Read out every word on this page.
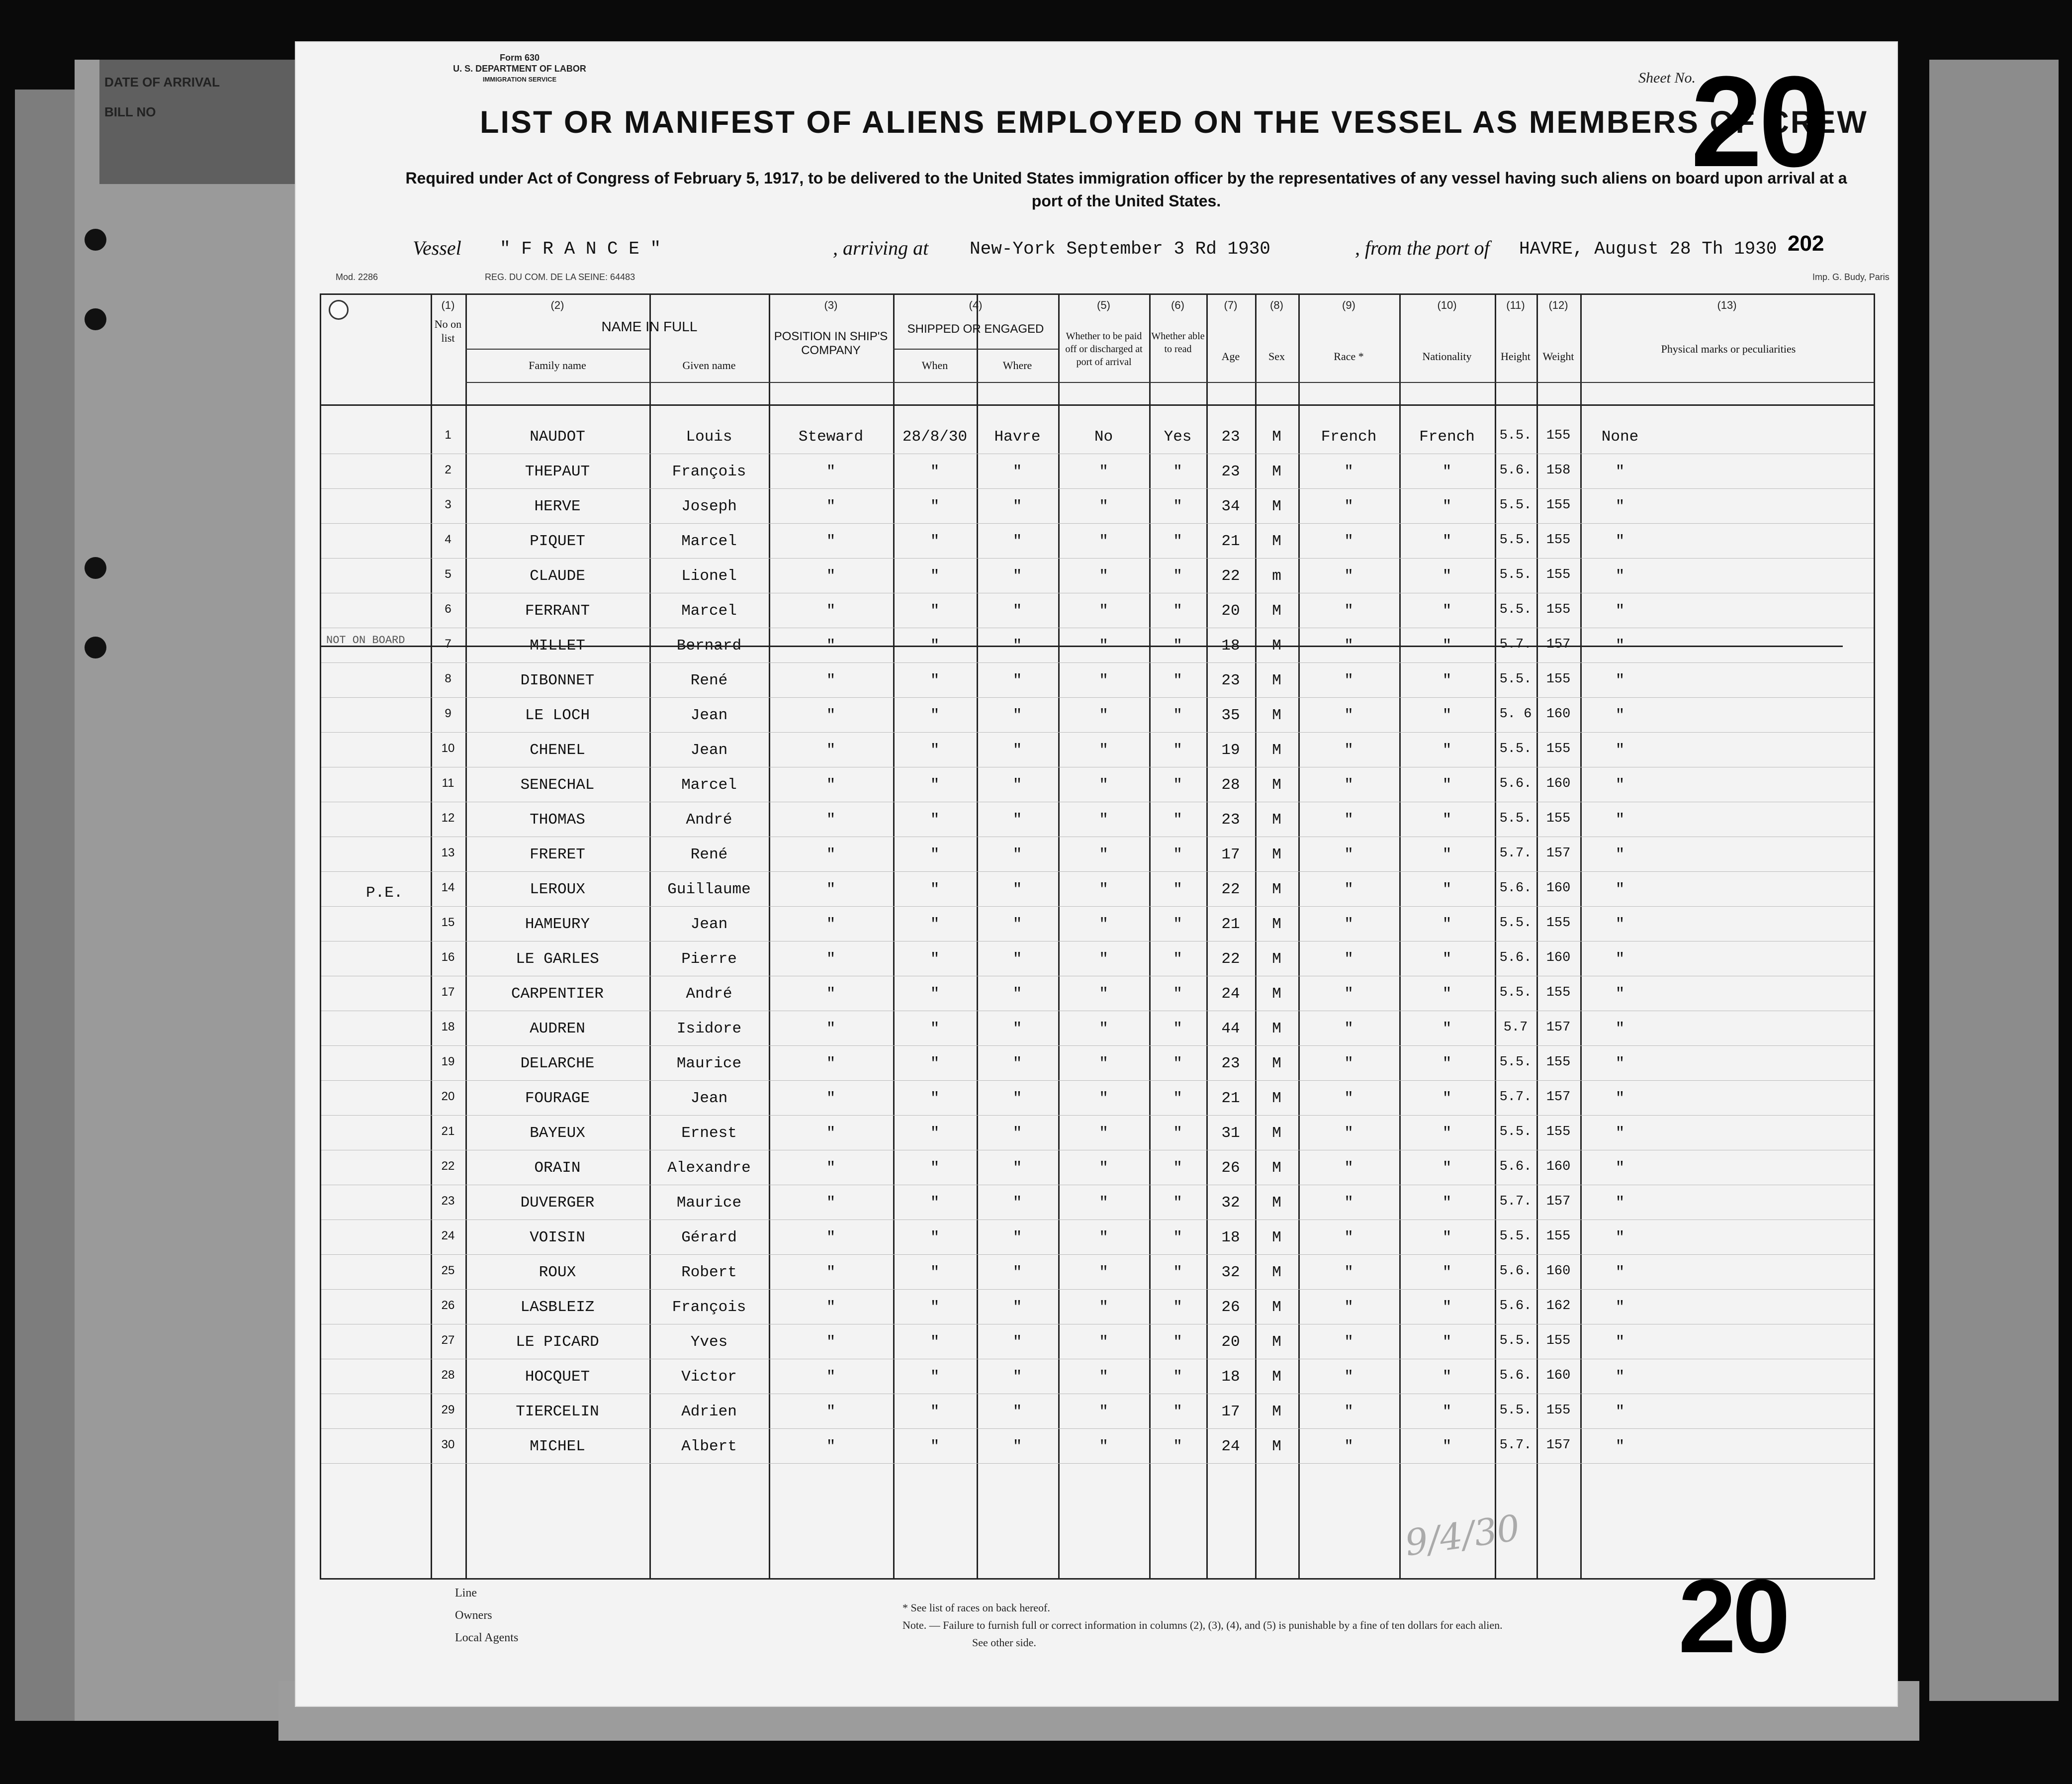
DATE OF ARRIVAL
BILL NO
Form 630
U. S. DEPARTMENT OF LABOR
IMMIGRATION SERVICE
LIST OR MANIFEST OF ALIENS EMPLOYED ON THE VESSEL AS MEMBERS OF CREW
Required under Act of Congress of February 5, 1917, to be delivered to the United States immigration officer by the representatives of any vessel having such aliens on board upon arrival at a port of the United States.
Sheet No.
20
202
Vessel " F R A N C E "	, arriving at New-York September 3 Rd 1930	, from the port of HAVRE, August 28 Th 1930
Mod. 2286	REG. DU COM. DE LA SEINE: 64483	Imp. G. Budy, Paris
(1)
No on list
(2)
NAME IN FULL
Family name	Given name
(3)
POSITION IN SHIP'S COMPANY
(4)
SHIPPED OR ENGAGED
When	Where
(5)
Whether to be paid off or discharged at port of arrival
(6)
Whether able to read
(7)
Age
(8)
Sex
(9)
Race *
(10)
Nationality
(11)
Height
(12)
Weight
(13)
Physical marks or peculiarities
1	NAUDOT	Louis	Steward	28/8/30	Havre	No	Yes	23	M	French	French	5.5.	155	None
2	THEPAUT	François	"	"	"	"	"	23	M	"	"	5.6.	158	"
3	HERVE	Joseph	"	"	"	"	"	34	M	"	"	5.5.	155	"
4	PIQUET	Marcel	"	"	"	"	"	21	M	"	"	5.5.	155	"
5	CLAUDE	Lionel	"	"	"	"	"	22	m	"	"	5.5.	155	"
6	FERRANT	Marcel	"	"	"	"	"	20	M	"	"	5.5.	155	"
7	MILLET	Bernard	"	"	"	"	"	18	M	"	"	5.7.	157	"
8	DIBONNET	René	"	"	"	"	"	23	M	"	"	5.5.	155	"
9	LE LOCH	Jean	"	"	"	"	"	35	M	"	"	5. 6	160	"
10	CHENEL	Jean	"	"	"	"	"	19	M	"	"	5.5.	155	"
11	SENECHAL	Marcel	"	"	"	"	"	28	M	"	"	5.6.	160	"
12	THOMAS	André	"	"	"	"	"	23	M	"	"	5.5.	155	"
13	FRERET	René	"	"	"	"	"	17	M	"	"	5.7.	157	"
14	LEROUX	Guillaume	"	"	"	"	"	22	M	"	"	5.6.	160	"
15	HAMEURY	Jean	"	"	"	"	"	21	M	"	"	5.5.	155	"
16	LE GARLES	Pierre	"	"	"	"	"	22	M	"	"	5.6.	160	"
17	CARPENTIER	André	"	"	"	"	"	24	M	"	"	5.5.	155	"
18	AUDREN	Isidore	"	"	"	"	"	44	M	"	"	5.7	157	"
19	DELARCHE	Maurice	"	"	"	"	"	23	M	"	"	5.5.	155	"
20	FOURAGE	Jean	"	"	"	"	"	21	M	"	"	5.7.	157	"
21	BAYEUX	Ernest	"	"	"	"	"	31	M	"	"	5.5.	155	"
22	ORAIN	Alexandre	"	"	"	"	"	26	M	"	"	5.6.	160	"
23	DUVERGER	Maurice	"	"	"	"	"	32	M	"	"	5.7.	157	"
24	VOISIN	Gérard	"	"	"	"	"	18	M	"	"	5.5.	155	"
25	ROUX	Robert	"	"	"	"	"	32	M	"	"	5.6.	160	"
26	LASBLEIZ	François	"	"	"	"	"	26	M	"	"	5.6.	162	"
27	LE PICARD	Yves	"	"	"	"	"	20	M	"	"	5.5.	155	"
28	HOCQUET	Victor	"	"	"	"	"	18	M	"	"	5.6.	160	"
29	TIERCELIN	Adrien	"	"	"	"	"	17	M	"	"	5.5.	155	"
30	MICHEL	Albert	"	"	"	"	"	24	M	"	"	5.7.	157	"
NOT ON BOARD
P.E.
Line
Owners
Local Agents
* See list of races on back hereof.
Note. — Failure to furnish full or correct information in columns (2), (3), (4), and (5) is punishable by a fine of ten dollars for each alien.
See other side.
9/4/30
20
